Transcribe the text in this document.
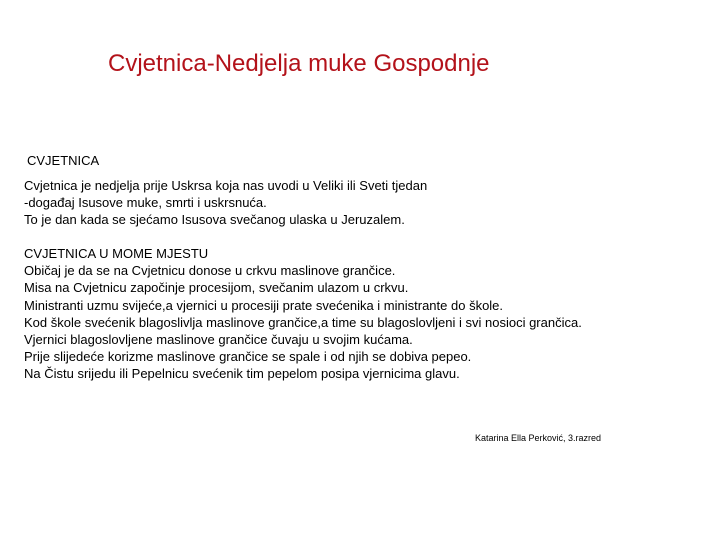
Cvjetnica-Nedjelja muke Gospodnje
CVJETNICA
Cvjetnica je nedjelja prije Uskrsa koja nas uvodi u Veliki ili Sveti tjedan
-događaj Isusove muke, smrti i uskrsnuća.
To je dan kada se sjećamo Isusova svečanog ulaska u Jeruzalem.
CVJETNICA U MOME MJESTU
Običaj je da se na Cvjetnicu donose u crkvu maslinove grančice.
Misa na Cvjetnicu započinje procesijom, svečanim ulazom u crkvu.
Ministranti uzmu svijeće,a vjernici u procesiji prate svećenika i ministrante do škole.
Kod škole svećenik blagoslivlja maslinove grančice,a time su blagoslovljeni i svi nosioci grančica.
Vjernici blagoslovljene maslinove grančice čuvaju u svojim kućama.
Prije slijedeće korizme maslinove grančice se spale i od njih se dobiva pepeo.
Na Čistu srijedu ili Pepelnicu svećenik tim pepelom posipa vjernicima glavu.
Katarina Ella Perković, 3.razred
